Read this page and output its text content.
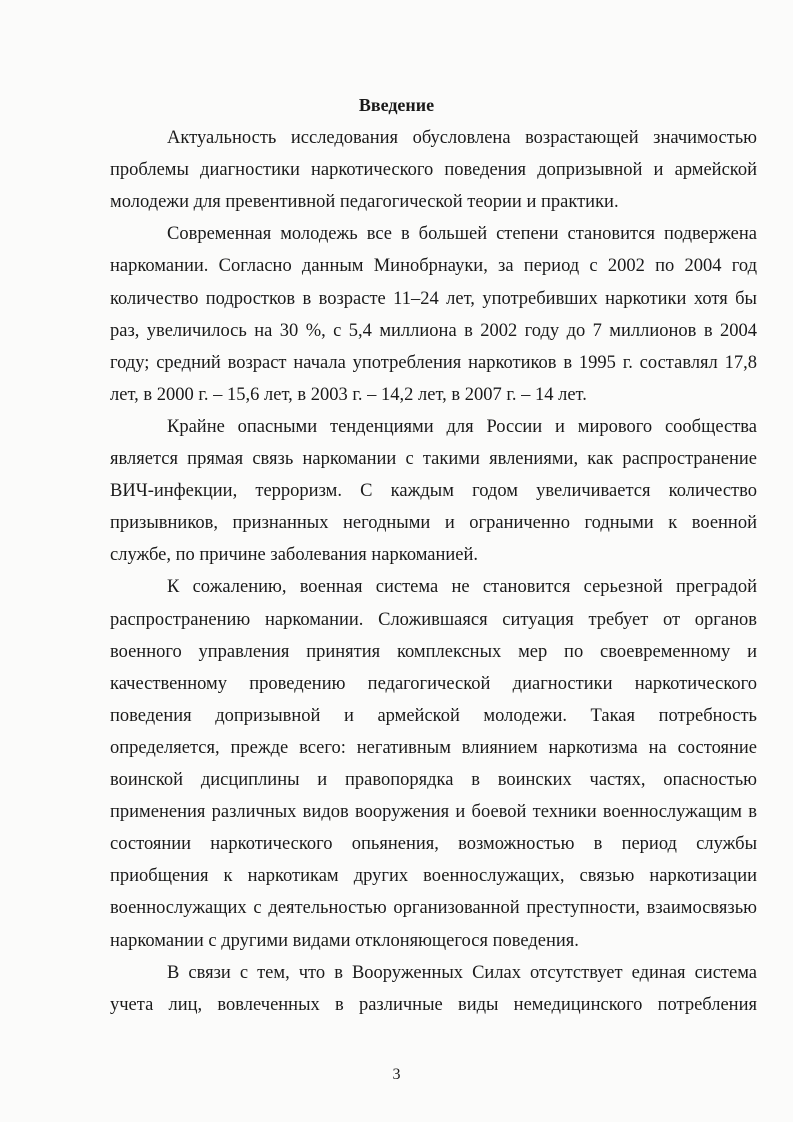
Введение
Актуальность исследования обусловлена возрастающей значимостью
проблемы диагностики наркотического поведения допризывной и армейской
молодежи для превентивной педагогической теории и практики.
Современная молодежь все в большей степени становится подвержена
наркомании. Согласно данным Минобрнауки, за период с 2002 по 2004 год
количество подростков в возрасте 11–24 лет, употребивших наркотики хотя бы
раз, увеличилось на 30 %, с 5,4 миллиона в 2002 году до 7 миллионов в 2004
году; средний возраст начала употребления наркотиков в 1995 г. составлял 17,8
лет, в 2000 г. – 15,6 лет, в 2003 г. – 14,2 лет, в 2007 г. – 14 лет.
Крайне опасными тенденциями для России и мирового сообщества
является прямая связь наркомании с такими явлениями, как распространение
ВИЧ-инфекции, терроризм. С каждым годом увеличивается количество
призывников, признанных негодными и ограниченно годными к военной
службе, по причине заболевания наркоманией.
К сожалению, военная система не становится серьезной преградой
распространению наркомании. Сложившаяся ситуация требует от органов
военного управления принятия комплексных мер по своевременному и
качественному проведению педагогической диагностики наркотического
поведения допризывной и армейской молодежи. Такая потребность
определяется, прежде всего: негативным влиянием наркотизма на состояние
воинской дисциплины и правопорядка в воинских частях, опасностью
применения различных видов вооружения и боевой техники военнослужащим в
состоянии наркотического опьянения, возможностью в период службы
приобщения к наркотикам других военнослужащих, связью наркотизации
военнослужащих с деятельностью организованной преступности, взаимосвязью
наркомании с другими видами отклоняющегося поведения.
В связи с тем, что в Вооруженных Силах отсутствует единая система
учета лиц, вовлеченных в различные виды немедицинского потребления
3
